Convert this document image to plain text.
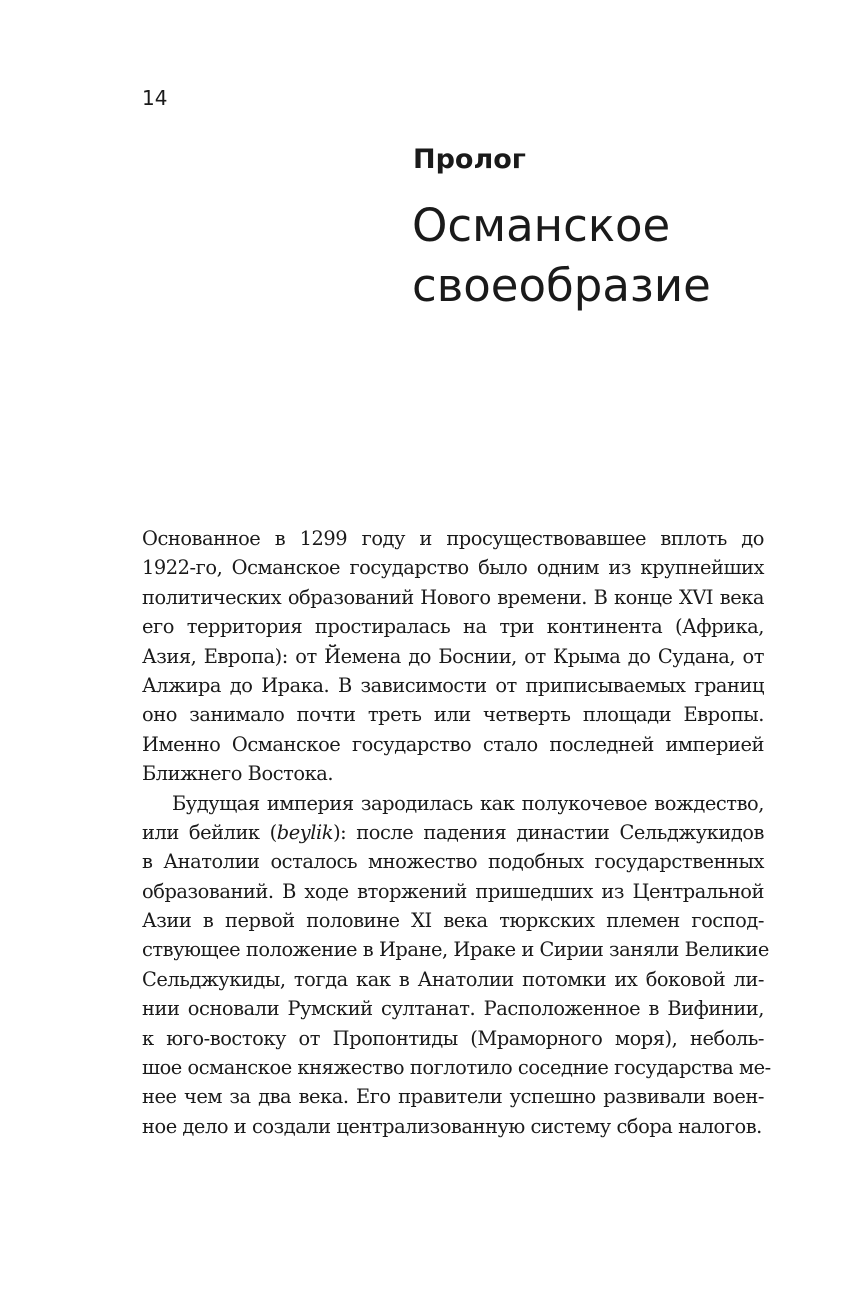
14
Пролог
Османское
своеобразие
Основанное в 1299 году и просуществовавшее вплоть до
1922-го, Османское государство было одним из крупнейших
политических образований Нового времени. В конце XVI века
его территория простиралась на три континента (Африка,
Азия, Европа): от Йемена до Боснии, от Крыма до Судана, от
Алжира до Ирака. В зависимости от приписываемых границ
оно занимало почти треть или четверть площади Европы.
Именно Османское государство стало последней империей
Ближнего Востока.
Будущая империя зародилась как полукочевое вождество,
или бейлик (beylik): после падения династии Сельджукидов
в Анатолии осталось множество подобных государственных
образований. В ходе вторжений пришедших из Центральной
Азии в первой половине XI века тюркских племен господ-
ствующее положение в Иране, Ираке и Сирии заняли Великие
Сельджукиды, тогда как в Анатолии потомки их боковой ли-
нии основали Румский султанат. Расположенное в Вифинии,
к юго-востоку от Пропонтиды (Мраморного моря), неболь-
шое османское княжество поглотило соседние государства ме-
нее чем за два века. Его правители успешно развивали воен-
ное дело и создали централизованную систему сбора налогов.
